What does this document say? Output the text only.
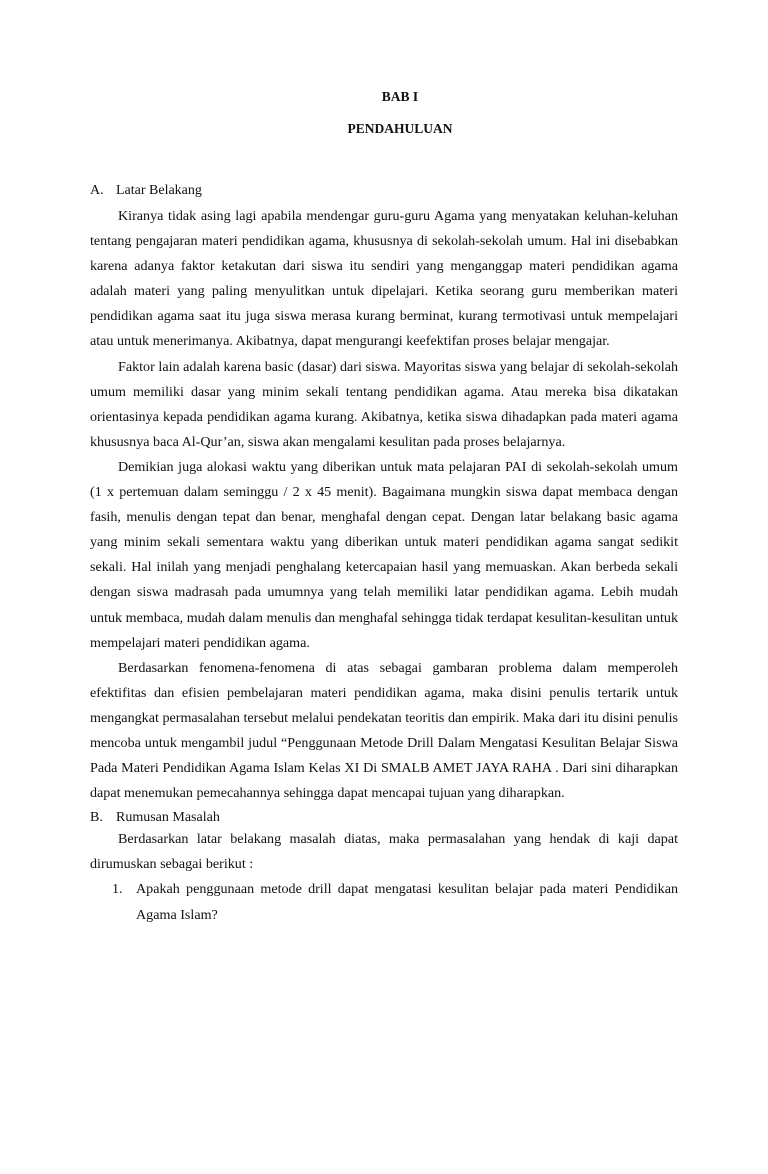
BAB I

PENDAHULUAN

A. Latar Belakang

Kiranya tidak asing lagi apabila mendengar guru-guru Agama yang menyatakan keluhan-keluhan tentang pengajaran materi pendidikan agama, khususnya di sekolah-sekolah umum. Hal ini disebabkan karena adanya faktor ketakutan dari siswa itu sendiri yang menganggap materi pendidikan agama adalah materi yang paling menyulitkan untuk dipelajari. Ketika seorang guru memberikan materi pendidikan agama saat itu juga siswa merasa kurang berminat, kurang termotivasi untuk mempelajari atau untuk menerimanya. Akibatnya, dapat mengurangi keefektifan proses belajar mengajar.

Faktor lain adalah karena basic (dasar) dari siswa. Mayoritas siswa yang belajar di sekolah-sekolah umum memiliki dasar yang minim sekali tentang pendidikan agama. Atau mereka bisa dikatakan orientasinya kepada pendidikan agama kurang. Akibatnya, ketika siswa dihadapkan pada materi agama khususnya baca Al-Qur’an, siswa akan mengalami kesulitan pada proses belajarnya.

Demikian juga alokasi waktu yang diberikan untuk mata pelajaran PAI di sekolah-sekolah umum (1 x pertemuan dalam seminggu / 2 x 45 menit). Bagaimana mungkin siswa dapat membaca dengan fasih, menulis dengan tepat dan benar, menghafal dengan cepat. Dengan latar belakang basic agama yang minim sekali sementara waktu yang diberikan untuk materi pendidikan agama sangat sedikit sekali. Hal inilah yang menjadi penghalang ketercapaian hasil yang memuaskan. Akan berbeda sekali dengan siswa madrasah pada umumnya yang telah memiliki latar pendidikan agama. Lebih mudah untuk membaca, mudah dalam menulis dan menghafal sehingga tidak terdapat kesulitan-kesulitan untuk mempelajari materi pendidikan agama.

Berdasarkan fenomena-fenomena di atas sebagai gambaran problema dalam memperoleh efektifitas dan efisien pembelajaran materi pendidikan agama, maka disini penulis tertarik untuk mengangkat permasalahan tersebut melalui pendekatan teoritis dan empirik. Maka dari itu disini penulis mencoba untuk mengambil judul “Penggunaan Metode Drill Dalam Mengatasi Kesulitan Belajar Siswa Pada Materi Pendidikan Agama Islam Kelas XI Di SMALB AMET JAYA RAHA . Dari sini diharapkan dapat menemukan pemecahannya sehingga dapat mencapai tujuan yang diharapkan.

B. Rumusan Masalah

Berdasarkan latar belakang masalah diatas, maka permasalahan yang hendak di kaji dapat dirumuskan sebagai berikut :

1. Apakah penggunaan metode drill dapat mengatasi kesulitan belajar pada materi Pendidikan Agama Islam?
